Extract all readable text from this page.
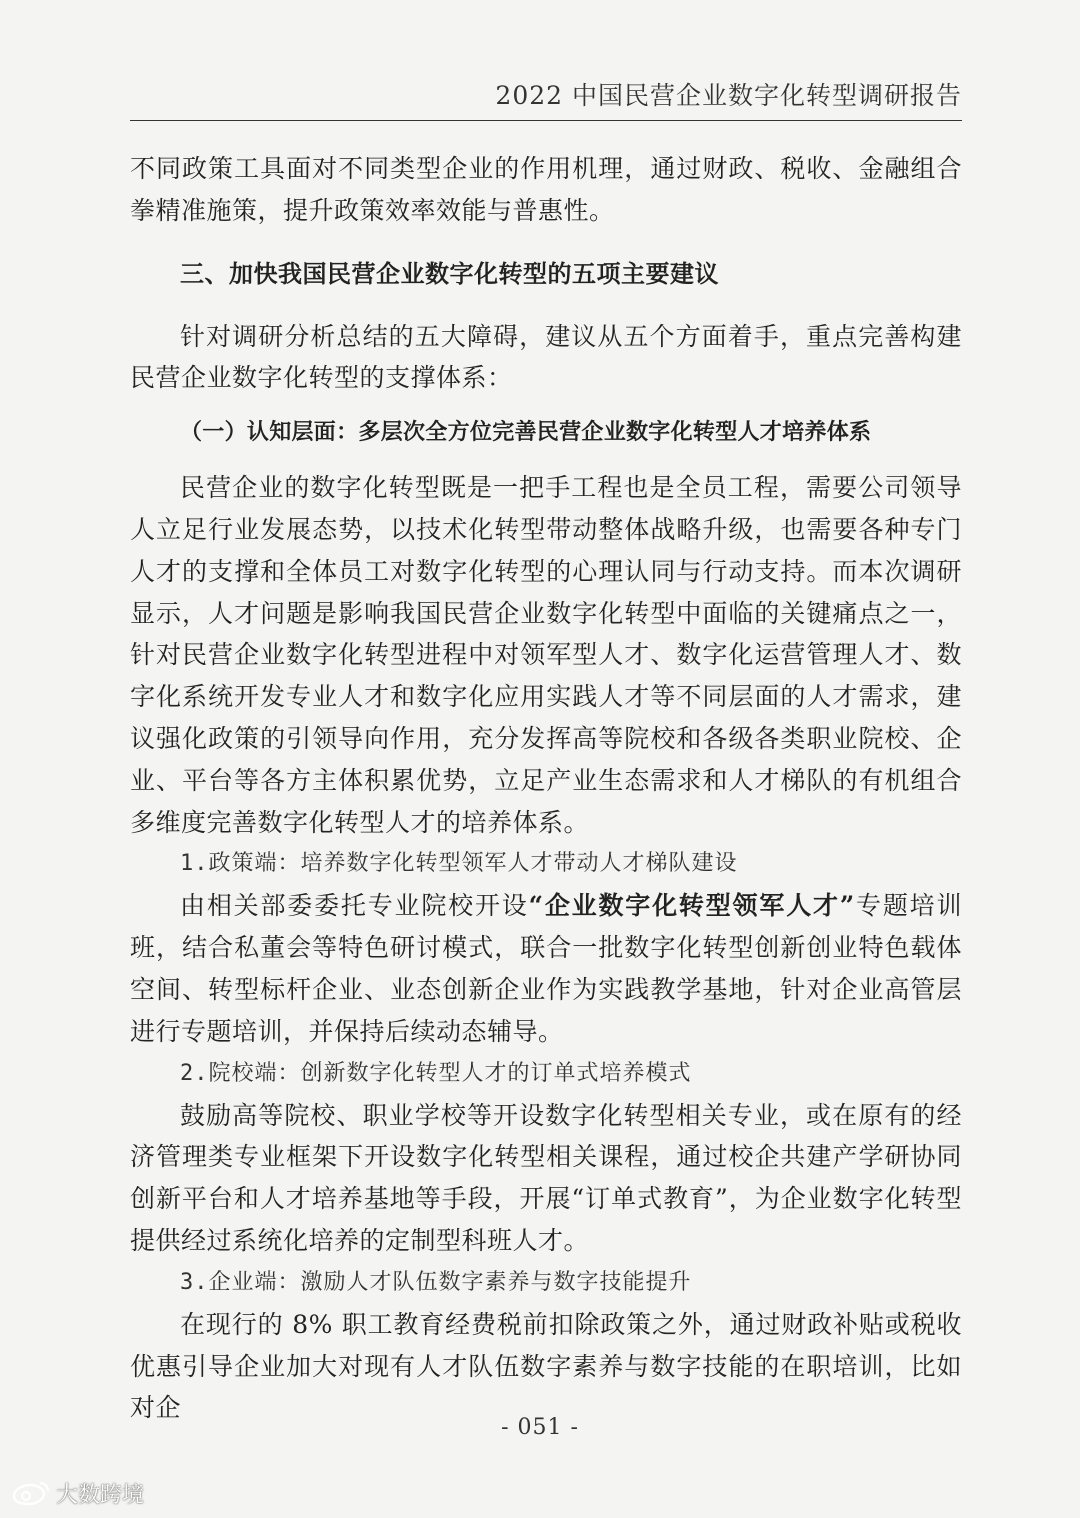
2022 中国民营企业数字化转型调研报告

不同政策工具面对不同类型企业的作用机理，通过财政、税收、金融组合拳精准施策，提升政策效率效能与普惠性。

三、加快我国民营企业数字化转型的五项主要建议

针对调研分析总结的五大障碍，建议从五个方面着手，重点完善构建民营企业数字化转型的支撑体系：

（一）认知层面：多层次全方位完善民营企业数字化转型人才培养体系

民营企业的数字化转型既是一把手工程也是全员工程，需要公司领导人立足行业发展态势，以技术化转型带动整体战略升级，也需要各种专门人才的支撑和全体员工对数字化转型的心理认同与行动支持。而本次调研显示，人才问题是影响我国民营企业数字化转型中面临的关键痛点之一，针对民营企业数字化转型进程中对领军型人才、数字化运营管理人才、数字化系统开发专业人才和数字化应用实践人才等不同层面的人才需求，建议强化政策的引领导向作用，充分发挥高等院校和各级各类职业院校、企业、平台等各方主体积累优势，立足产业生态需求和人才梯队的有机组合多维度完善数字化转型人才的培养体系。

1.政策端：培养数字化转型领军人才带动人才梯队建设

由相关部委委托专业院校开设“企业数字化转型领军人才”专题培训班，结合私董会等特色研讨模式，联合一批数字化转型创新创业特色载体空间、转型标杆企业、业态创新企业作为实践教学基地，针对企业高管层进行专题培训，并保持后续动态辅导。

2.院校端：创新数字化转型人才的订单式培养模式

鼓励高等院校、职业学校等开设数字化转型相关专业，或在原有的经济管理类专业框架下开设数字化转型相关课程，通过校企共建产学研协同创新平台和人才培养基地等手段，开展“订单式教育”，为企业数字化转型提供经过系统化培养的定制型科班人才。

3.企业端：激励人才队伍数字素养与数字技能提升

在现行的 8% 职工教育经费税前扣除政策之外，通过财政补贴或税收优惠引导企业加大对现有人才队伍数字素养与数字技能的在职培训，比如对企

- 051 -
大数跨境
